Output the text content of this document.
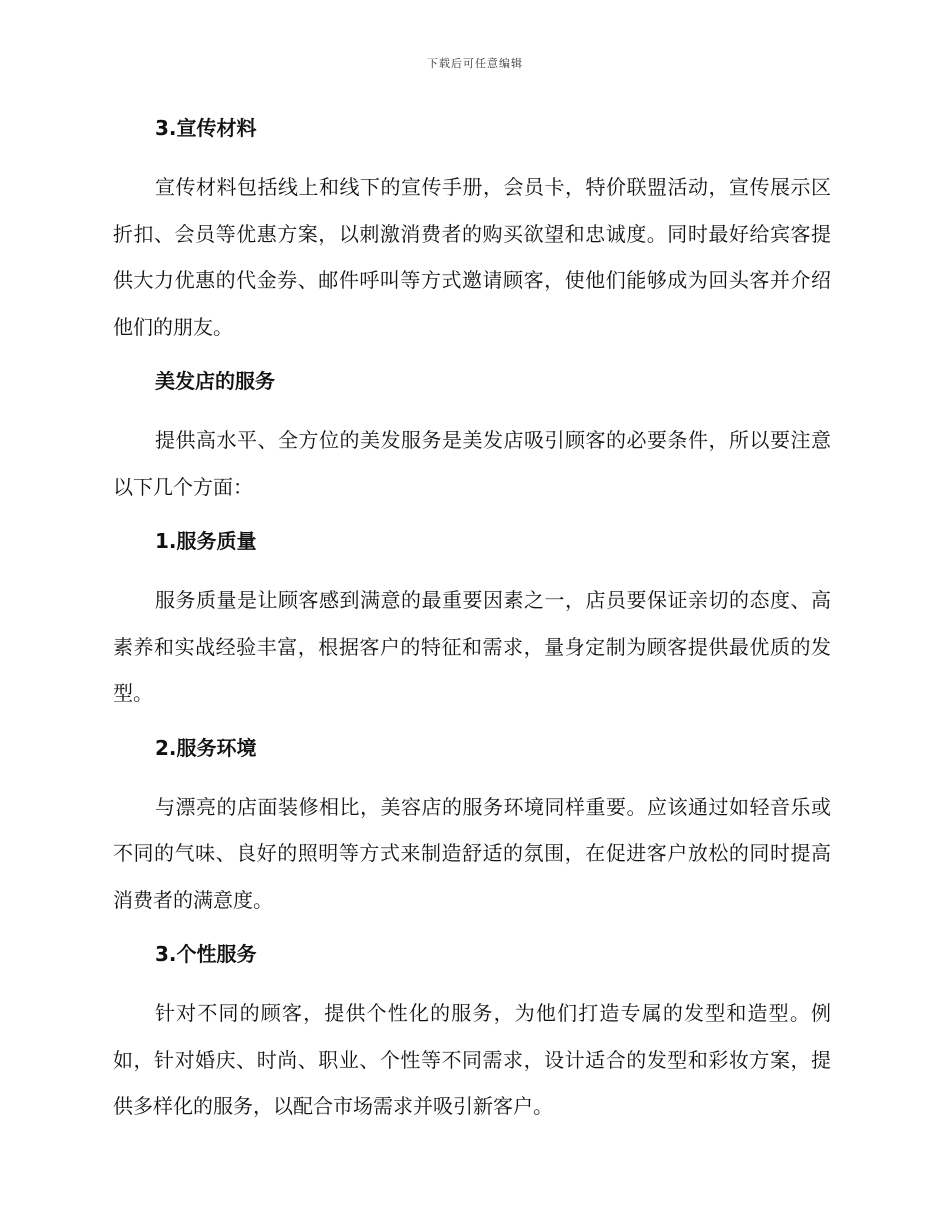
下载后可任意编辑
3.宣传材料

宣传材料包括线上和线下的宣传手册，会员卡，特价联盟活动，宣传展示区折扣、会员等优惠方案，以刺激消费者的购买欲望和忠诚度。同时最好给宾客提供大力优惠的代金券、邮件呼叫等方式邀请顾客，使他们能够成为回头客并介绍他们的朋友。

美发店的服务

提供高水平、全方位的美发服务是美发店吸引顾客的必要条件，所以要注意以下几个方面：

1.服务质量

服务质量是让顾客感到满意的最重要因素之一，店员要保证亲切的态度、高素养和实战经验丰富，根据客户的特征和需求，量身定制为顾客提供最优质的发型。

2.服务环境

与漂亮的店面装修相比，美容店的服务环境同样重要。应该通过如轻音乐或不同的气味、良好的照明等方式来制造舒适的氛围，在促进客户放松的同时提高消费者的满意度。

3.个性服务

针对不同的顾客，提供个性化的服务，为他们打造专属的发型和造型。例如，针对婚庆、时尚、职业、个性等不同需求，设计适合的发型和彩妆方案，提供多样化的服务，以配合市场需求并吸引新客户。
